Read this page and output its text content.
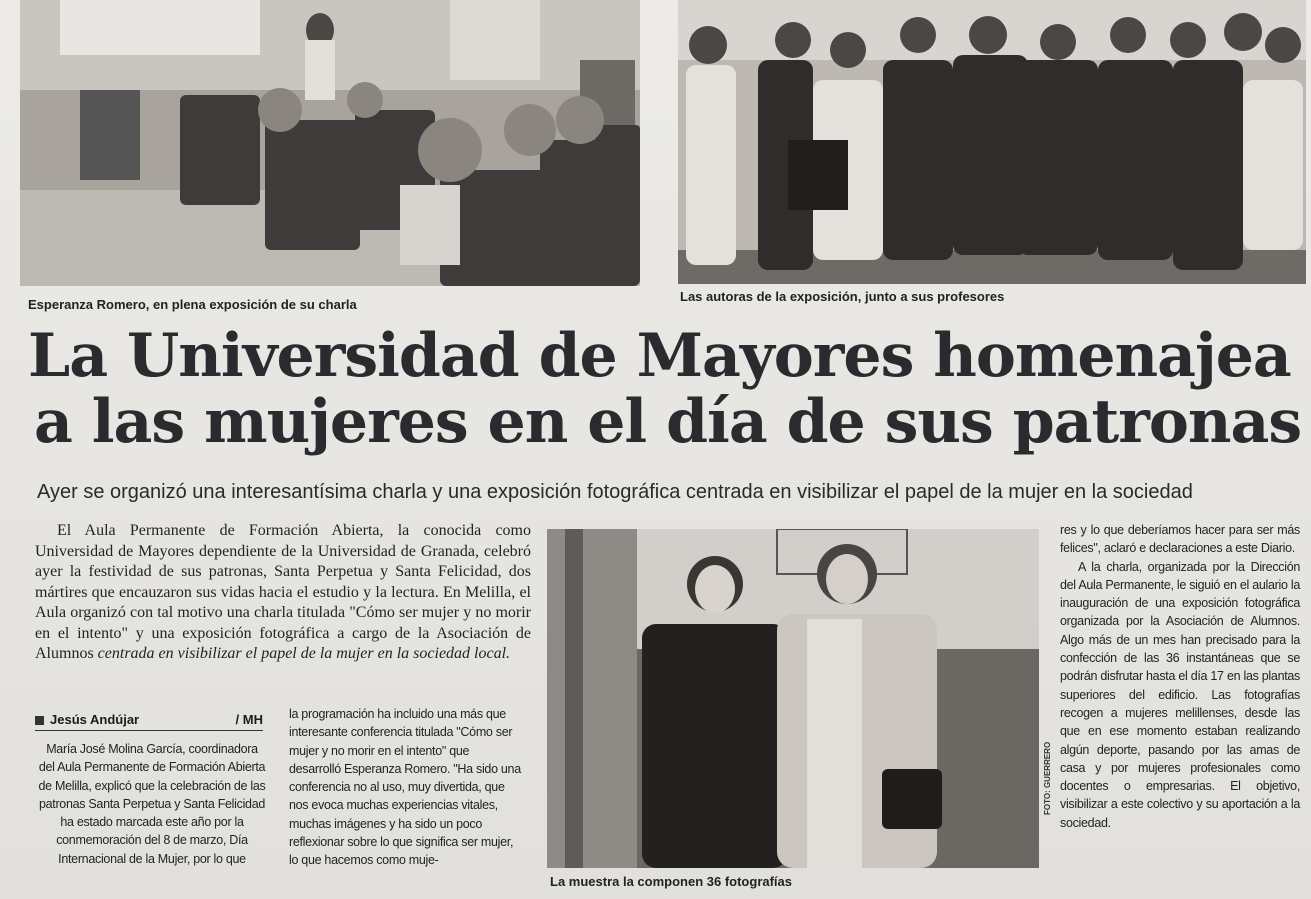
Esperanza Romero, en plena exposición de su charla
Las autoras de la exposición, junto a sus profesores
La Universidad de Mayores homenajea
a las mujeres en el día de sus patronas
Ayer se organizó una interesantísima charla y una exposición fotográfica centrada en visibilizar el papel de la mujer en la sociedad

El Aula Permanente de Formación Abierta, la conocida como Universidad de Mayores dependiente de la Universidad de Granada, celebró ayer la festividad de sus patronas, Santa Perpetua y Santa Felicidad, dos mártires que encauzaron sus vidas hacia el estudio y la lectura. En Melilla, el Aula organizó con tal motivo una charla titulada "Cómo ser mujer y no morir en el intento" y una exposición fotográfica a cargo de la Asociación de Alumnos centrada en visibilizar el papel de la mujer en la sociedad local.

Jesús Andújar	/ MH
María José Molina García, coordinadora del Aula Permanente de Formación Abierta de Melilla, explicó que la celebración de las patronas Santa Perpetua y Santa Felicidad ha estado marcada este año por la conmemoración del 8 de marzo, Día Internacional de la Mujer, por lo que
la programación ha incluido una más que interesante conferencia titulada "Cómo ser mujer y no morir en el intento" que desarrolló Esperanza Romero. "Ha sido una conferencia no al uso, muy divertida, que nos evoca muchas experiencias vitales, muchas imágenes y ha sido un poco reflexionar sobre lo que significa ser mujer, lo que hacemos como muje-
FOTO: GUERRERO
La muestra la componen 36 fotografías

res y lo que deberíamos hacer para ser más felices", aclaró e declaraciones a este Diario.

A la charla, organizada por la Dirección del Aula Permanente, le siguió en el aulario la inauguración de una exposición fotográfica organizada por la Asociación de Alumnos. Algo más de un mes han precisado para la confección de las 36 instantáneas que se podrán disfrutar hasta el día 17 en las plantas superiores del edificio. Las fotografías recogen a mujeres melillenses, desde las que en ese momento estaban realizando algún deporte, pasando por las amas de casa y por mujeres profesionales como docentes o empresarias. El objetivo, visibilizar a este colectivo y su aportación a la sociedad.
